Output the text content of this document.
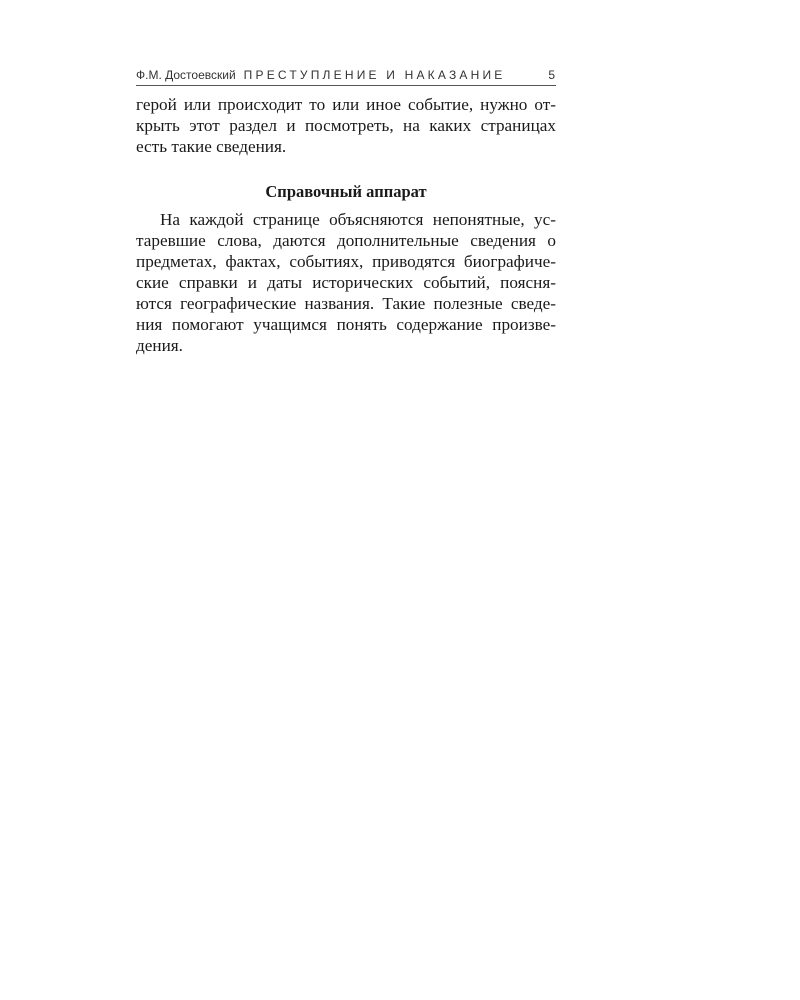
Ф.М. Достоевский ПРЕСТУПЛЕНИЕ И НАКАЗАНИЕ	5

герой или происходит то или иное событие, нужно от-
крыть этот раздел и посмотреть, на каких страницах
есть такие сведения.

Справочный аппарат

На каждой странице объясняются непонятные, ус-
таревшие слова, даются дополнительные сведения о
предметах, фактах, событиях, приводятся биографиче-
ские справки и даты исторических событий, поясня-
ются географические названия. Такие полезные сведе-
ния помогают учащимся понять содержание произве-
дения.
